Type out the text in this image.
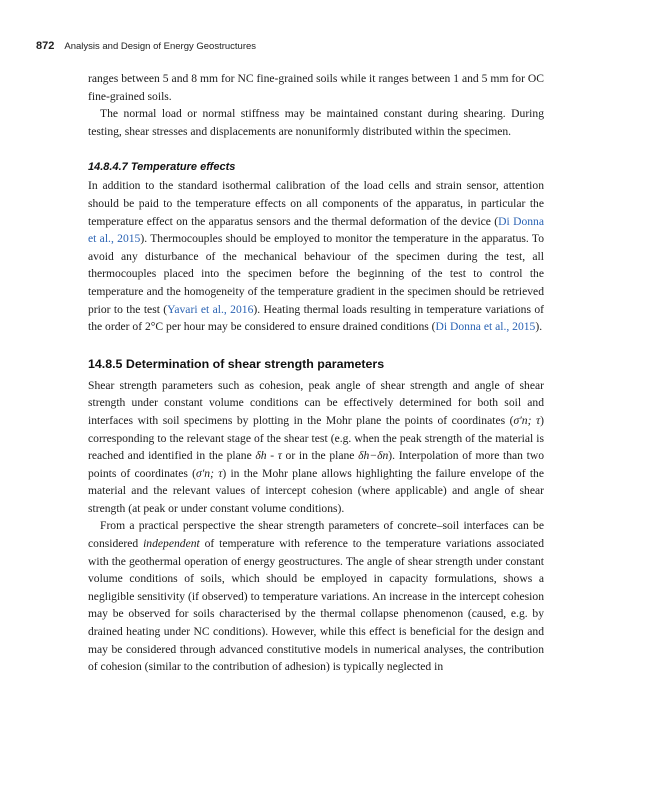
872 Analysis and Design of Energy Geostructures

ranges between 5 and 8 mm for NC fine-grained soils while it ranges between 1 and 5 mm for OC fine-grained soils.

The normal load or normal stiffness may be maintained constant during shearing. During testing, shear stresses and displacements are nonuniformly distributed within the specimen.

14.8.4.7 Temperature effects

In addition to the standard isothermal calibration of the load cells and strain sensor, attention should be paid to the temperature effects on all components of the apparatus, in particular the temperature effect on the apparatus sensors and the thermal deformation of the device (Di Donna et al., 2015). Thermocouples should be employed to monitor the temperature in the apparatus. To avoid any disturbance of the mechanical behaviour of the specimen during the test, all thermocouples placed into the specimen before the beginning of the test to control the temperature and the homogeneity of the temperature gradient in the specimen should be retrieved prior to the test (Yavari et al., 2016). Heating thermal loads resulting in temperature variations of the order of 2°C per hour may be considered to ensure drained conditions (Di Donna et al., 2015).

14.8.5 Determination of shear strength parameters

Shear strength parameters such as cohesion, peak angle of shear strength and angle of shear strength under constant volume conditions can be effectively determined for both soil and interfaces with soil specimens by plotting in the Mohr plane the points of coordinates (σ′n; τ) corresponding to the relevant stage of the shear test (e.g. when the peak strength of the material is reached and identified in the plane δh - τ or in the plane δh−δn). Interpolation of more than two points of coordinates (σ′n; τ) in the Mohr plane allows highlighting the failure envelope of the material and the relevant values of intercept cohesion (where applicable) and angle of shear strength (at peak or under constant volume conditions).

From a practical perspective the shear strength parameters of concrete–soil interfaces can be considered independent of temperature with reference to the temperature variations associated with the geothermal operation of energy geostructures. The angle of shear strength under constant volume conditions of soils, which should be employed in capacity formulations, shows a negligible sensitivity (if observed) to temperature variations. An increase in the intercept cohesion may be observed for soils characterised by the thermal collapse phenomenon (caused, e.g. by drained heating under NC conditions). However, while this effect is beneficial for the design and may be considered through advanced constitutive models in numerical analyses, the contribution of cohesion (similar to the contribution of adhesion) is typically neglected in
